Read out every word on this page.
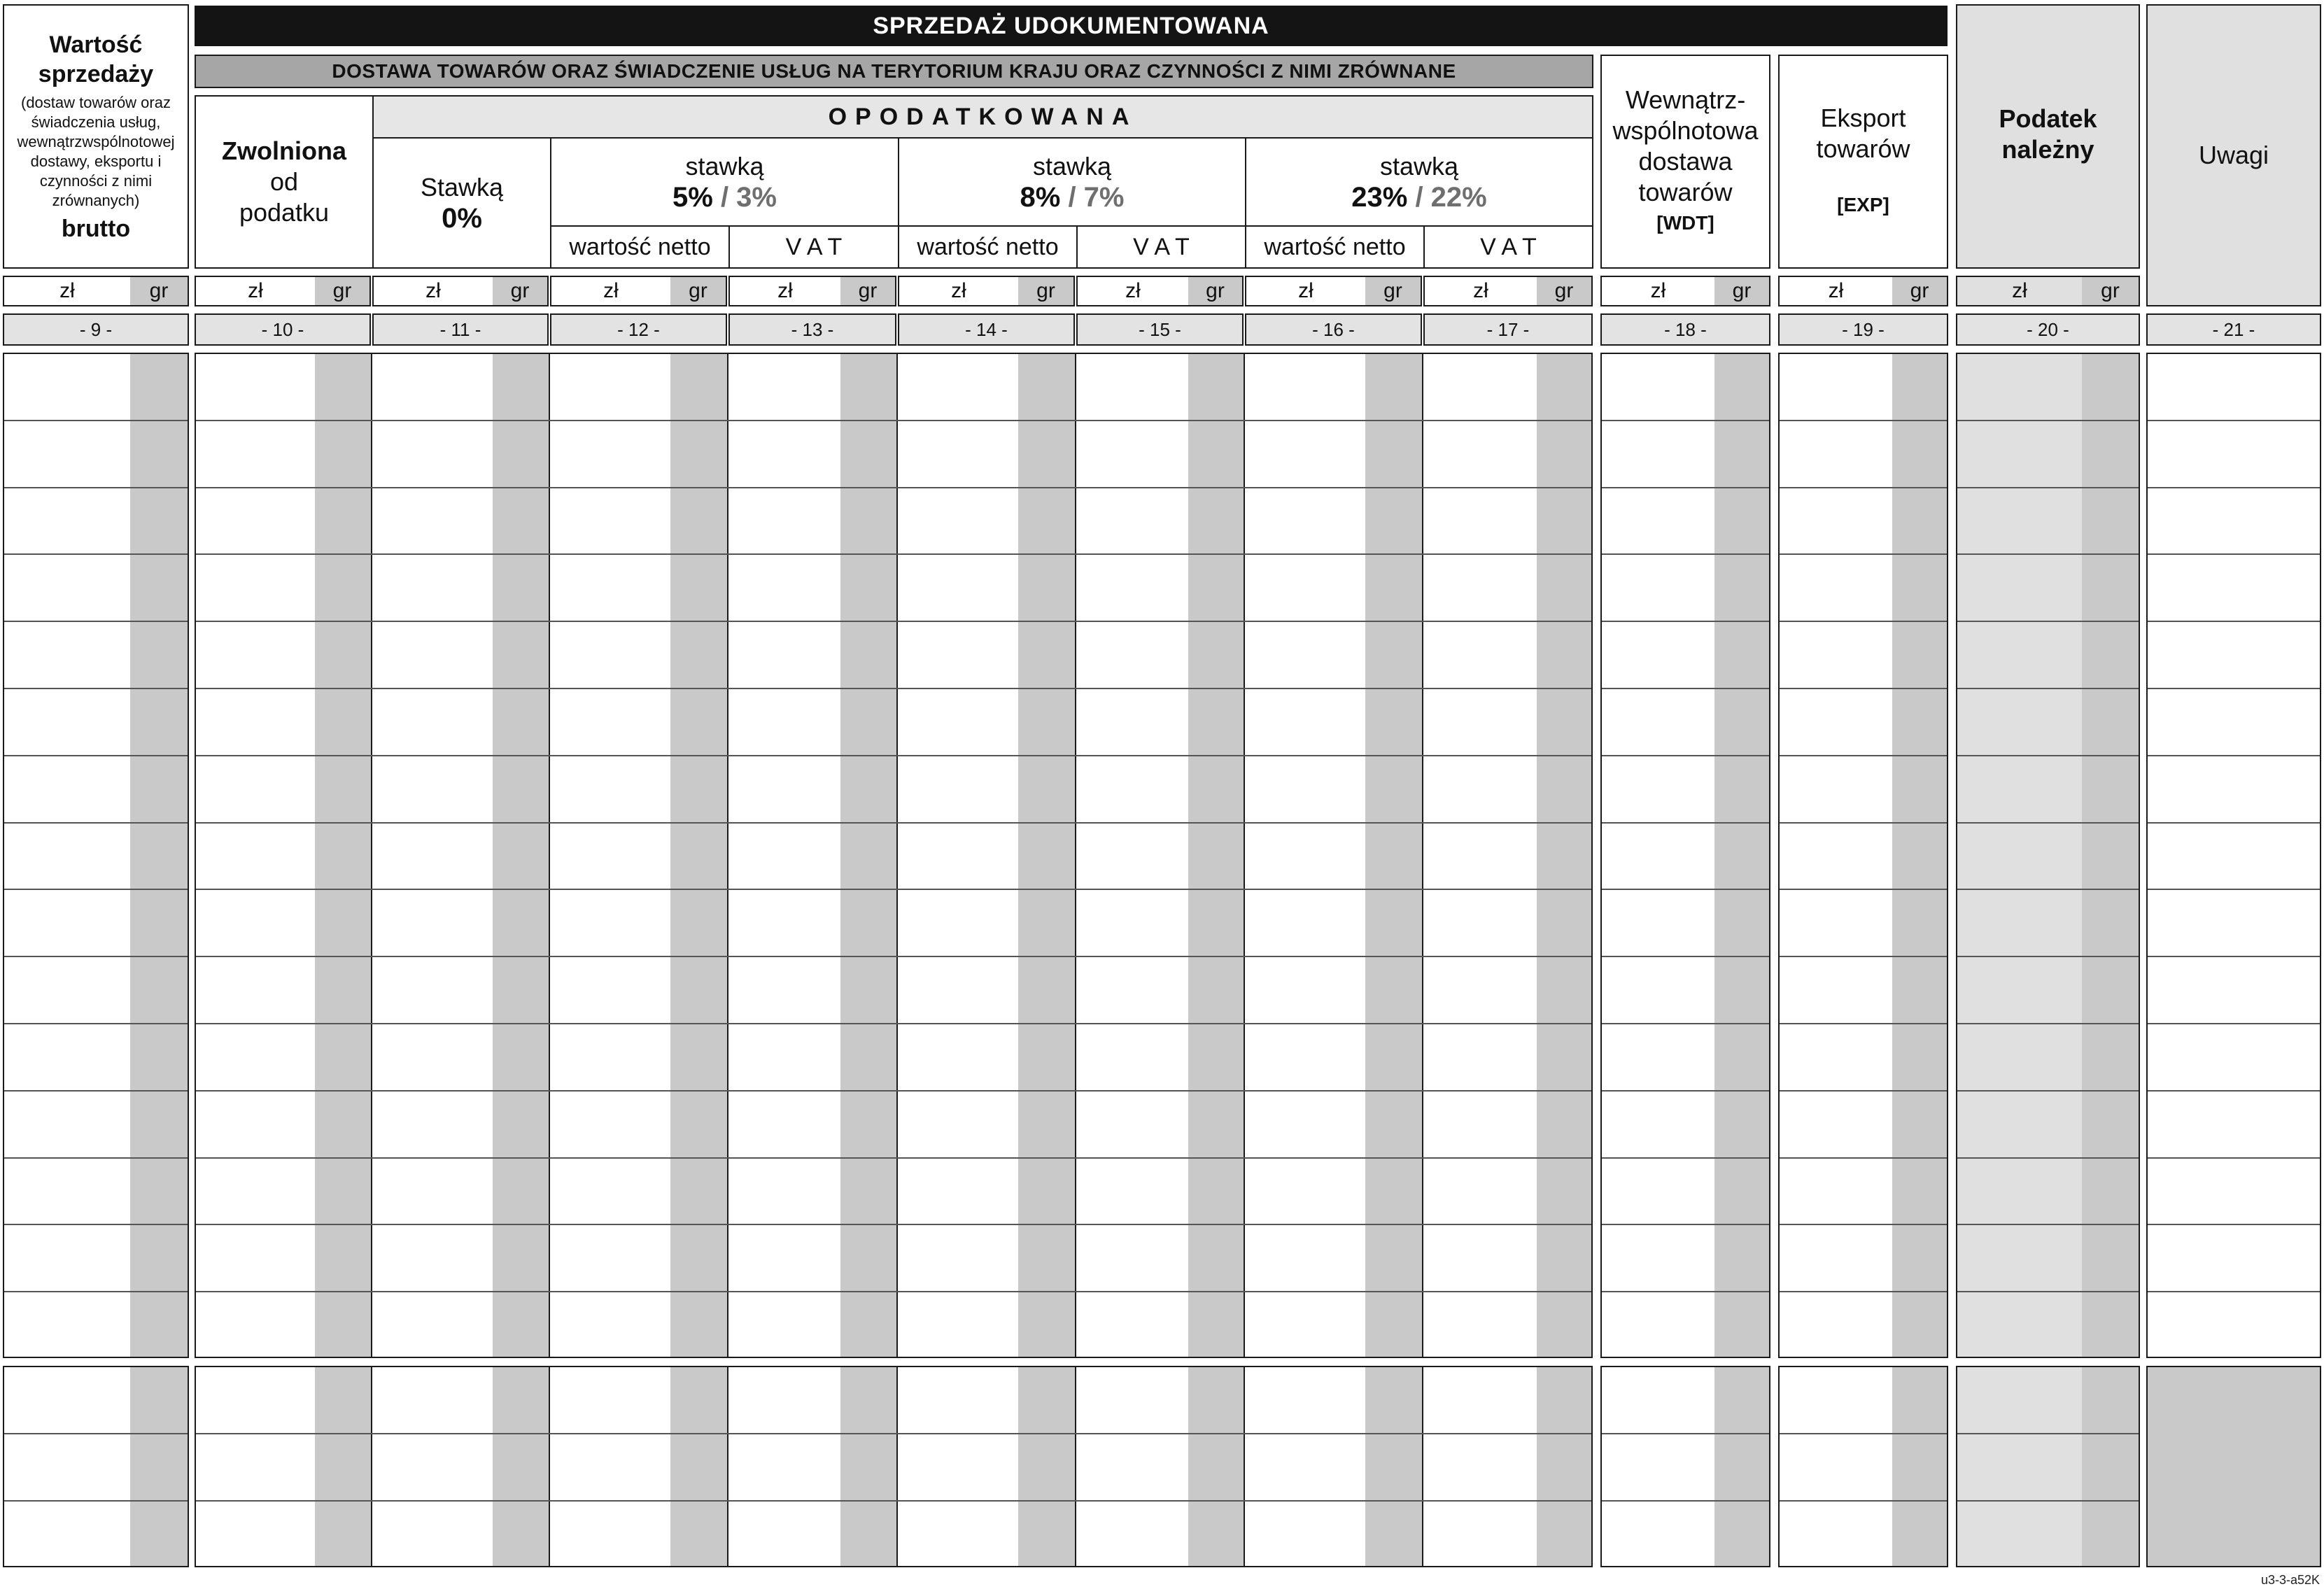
Wartość
sprzedaży
(dostaw towarów oraz świadczenia usług, wewnątrzwspólnotowej dostawy, eksportu i czynności z nimi zrównanych)
brutto
SPRZEDAŻ UDOKUMENTOWANA
DOSTAWA TOWARÓW ORAZ ŚWIADCZENIE USŁUG NA TERYTORIUM KRAJU ORAZ CZYNNOŚCI Z NIMI ZRÓWNANE
Zwolniona
od
podatku
OPODATKOWANA
Stawką
0%
stawką
5% / 3%
stawką
8% / 7%
stawką
23% / 22%
wartość netto	V A T	wartość netto	V A T	wartość netto	V A T
Wewnątrz-
wspólnotowa
dostawa
towarów
[WDT]
Eksport
towarów
[EXP]
Podatek
należny	Uwagi
zł	gr	zł	gr	zł	gr	zł	gr	zł	gr	zł	gr	zł	gr	zł	gr	zł	gr	zł	gr	zł	gr	zł	gr
- 9 -	- 10 -	- 11 -	- 12 -	- 13 -	- 14 -	- 15 -	- 16 -	- 17 -	- 18 -	- 19 -	- 20 -	- 21 -
u3-3-a52K
